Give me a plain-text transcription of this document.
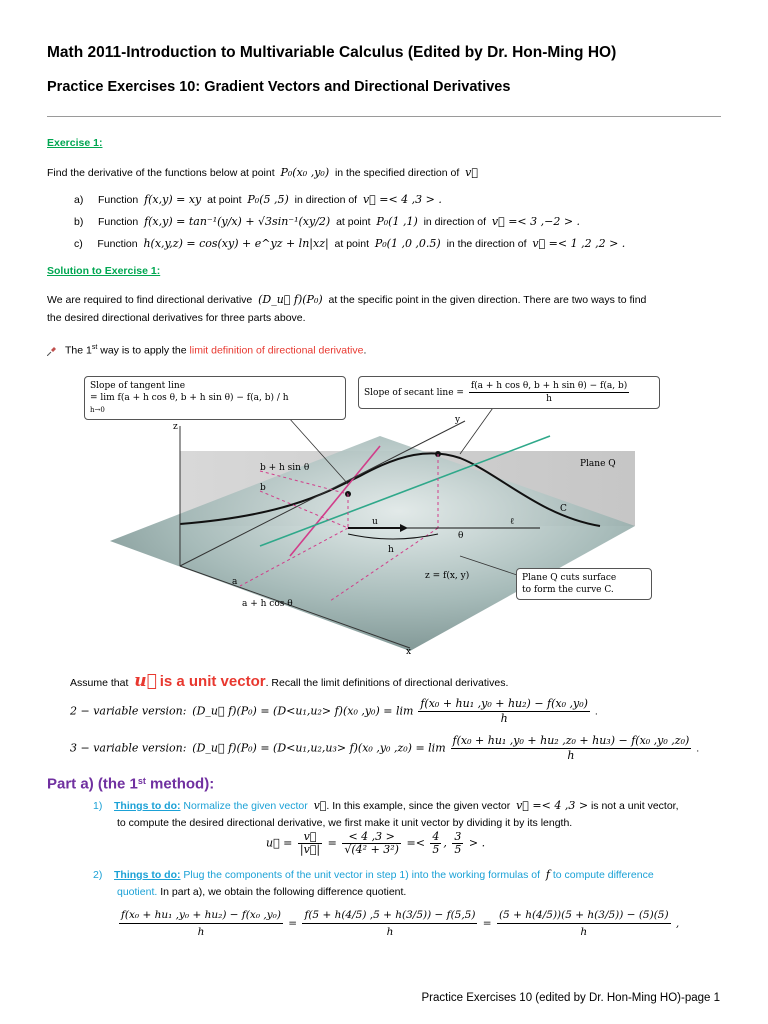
Math 2011-Introduction to Multivariable Calculus (Edited by Dr. Hon-Ming HO)
Practice Exercises 10: Gradient Vectors and Directional Derivatives
Exercise 1:
Find the derivative of the functions below at point P₀(x₀ ,y₀) in the specified direction of v⃗
a) Function f(x,y) = xy at point P₀(5 ,5) in direction of v⃗ =< 4 ,3 > .
b) Function f(x,y) = tan⁻¹(y/x) + √3sin⁻¹(xy/2) at point P₀(1 ,1) in direction of v⃗ =< 3 ,−2 > .
c) Function h(x,y,z) = cos(xy) + e^yz + ln|xz| at point P₀(1 ,0 ,0.5) in the direction of v⃗ =< 1 ,2 ,2 > .
Solution to Exercise 1:
We are required to find directional derivative (D_u⃗ f)(P₀) at the specific point in the given direction. There are two ways to find
the desired directional derivatives for three parts above.
The 1st way is to apply the limit definition of directional derivative.
z
y
x
b + h sin θ
b
a
a + h cos θ
u
h
θ
ℓ
C
Plane Q
z = f(x, y)
Slope of tangent line
= lim f(a + h cos θ, b + h sin θ) − f(a, b) / h
h→0
Slope of secant line = $\frac{\text{f(a + h cos θ, b + h sin θ) − f(a, b)}}{h}$
Plane Q cuts surface
to form the curve C.
Assume that u⃗ is a unit vector. Recall the limit definitions of directional derivatives.
2 − variable version: (D_u⃗ f)(P₀) = (D<u₁,u₂> f)(x₀ $,y_0) = \lim \frac{\text{f(x₀ + hu₁ ,y₀ + hu₂) − f(x₀ ,y₀)}}{h}$ .
3 − variable version: (D_u⃗ f)(P₀) = (D<u₁,u₂,u₃> f)(x₀ ,y₀ $,z_0) = \lim \frac{\text{f(x₀ + hu₁ ,y₀ + hu₂ ,z₀ + hu₃) − f(x₀ ,y₀ ,z₀)}}{h}$ .
Part a) (the 1st method):
1) Things to do: Normalize the given vector v⃗. In this example, since the given vector v⃗ =< 4 ,3 > is not a unit vector,
to compute the desired directional derivative, we first make it unit vector by dividing it by its length.
u⃗ = $\frac{v⃗}{|v⃗|} = \frac{< 4 ,3 >}{\text{√(4² + 3²)}} =< \frac{4}{5}$ , $\frac{3}{5}$ > .
2) Things to do: Plug the components of the unit vector in step 1) into the working formulas of f to compute difference
quotient. In part a), we obtain the following difference quotient.
$\frac{\text{f(x₀ + hu₁ ,y₀ + hu₂) − f(x₀ ,y₀)}}{h} = \frac{f(5 + h(4/5) ,5 + h(3/5)) - f(5,5)}{h} = \frac{(5 + h(4/5))(5 + h(3/5)) - (5)(5)}{h}$ ,
Practice Exercises 10 (edited by Dr. Hon-Ming HO)-page 1
